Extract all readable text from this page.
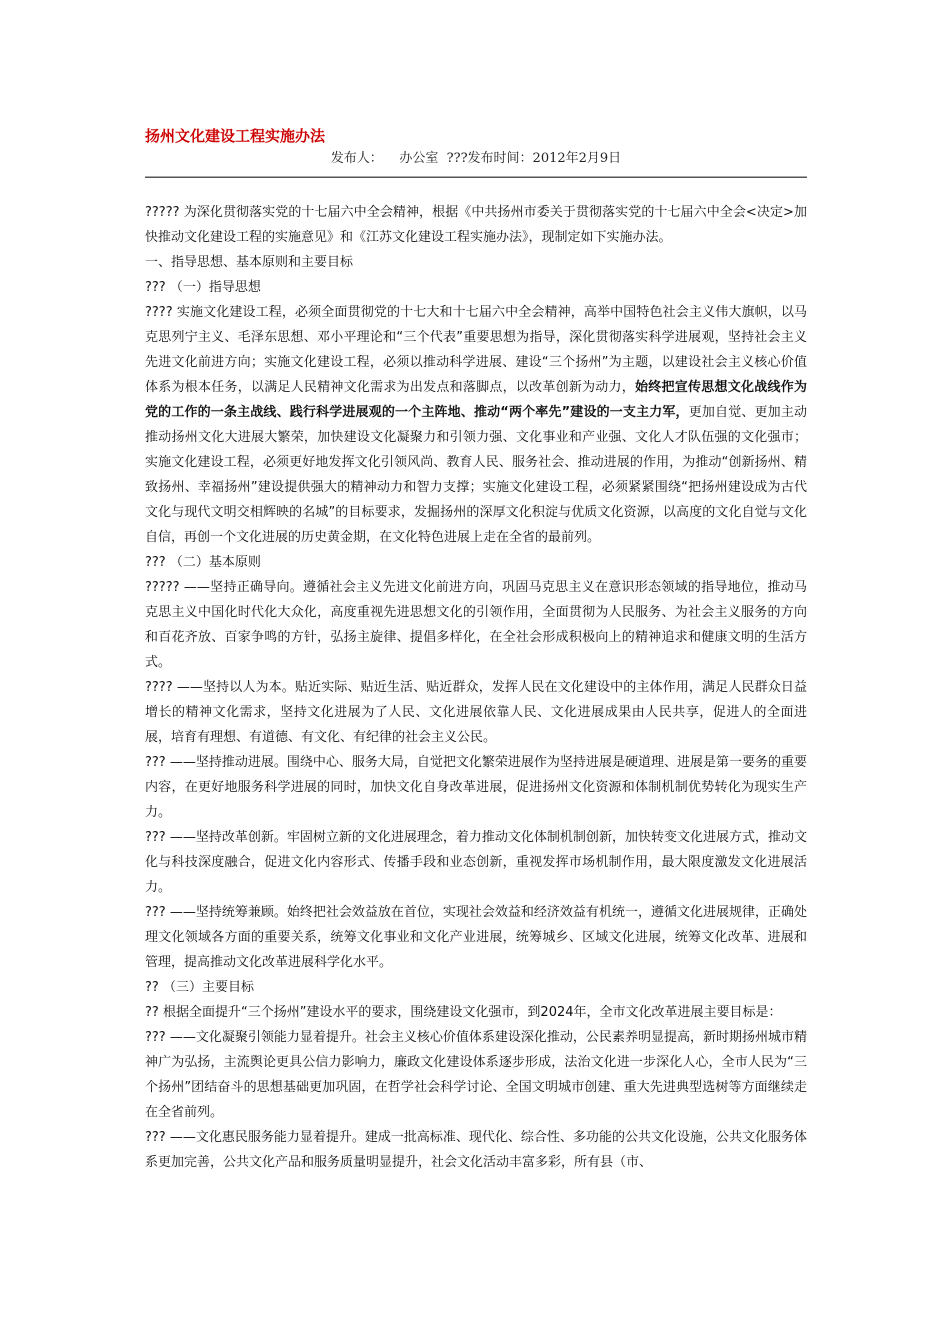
扬州文化建设工程实施办法
发布人： 办公室 ???发布时间：2012年2月9日

????? 为深化贯彻落实党的十七届六中全会精神，根据《中共扬州市委关于贯彻落实党的十七届六中全会<决定>加快推动文化建设工程的实施意见》和《江苏文化建设工程实施办法》，现制定如下实施办法。

一、指导思想、基本原则和主要目标

??? （一）指导思想

???? 实施文化建设工程，必须全面贯彻党的十七大和十七届六中全会精神，高举中国特色社会主义伟大旗帜，以马克思列宁主义、毛泽东思想、邓小平理论和“三个代表”重要思想为指导，深化贯彻落实科学进展观，坚持社会主义先进文化前进方向；实施文化建设工程，必须以推动科学进展、建设“三个扬州”为主题，以建设社会主义核心价值体系为根本任务，以满足人民精神文化需求为出发点和落脚点，以改革创新为动力，始终把宣传思想文化战线作为党的工作的一条主战线、践行科学进展观的一个主阵地、推动“两个率先”建设的一支主力军，更加自觉、更加主动推动扬州文化大进展大繁荣，加快建设文化凝聚力和引领力强、文化事业和产业强、文化人才队伍强的文化强市；实施文化建设工程，必须更好地发挥文化引领风尚、教育人民、服务社会、推动进展的作用，为推动“创新扬州、精致扬州、幸福扬州”建设提供强大的精神动力和智力支撑；实施文化建设工程，必须紧紧围绕“把扬州建设成为古代文化与现代文明交相辉映的名城”的目标要求，发掘扬州的深厚文化积淀与优质文化资源，以高度的文化自觉与文化自信，再创一个文化进展的历史黄金期，在文化特色进展上走在全省的最前列。

??? （二）基本原则

????? ——坚持正确导向。遵循社会主义先进文化前进方向，巩固马克思主义在意识形态领域的指导地位，推动马克思主义中国化时代化大众化，高度重视先进思想文化的引领作用，全面贯彻为人民服务、为社会主义服务的方向和百花齐放、百家争鸣的方针，弘扬主旋律、提倡多样化，在全社会形成积极向上的精神追求和健康文明的生活方式。

???? ——坚持以人为本。贴近实际、贴近生活、贴近群众，发挥人民在文化建设中的主体作用，满足人民群众日益增长的精神文化需求，坚持文化进展为了人民、文化进展依靠人民、文化进展成果由人民共享，促进人的全面进展，培育有理想、有道德、有文化、有纪律的社会主义公民。

??? ——坚持推动进展。围绕中心、服务大局，自觉把文化繁荣进展作为坚持进展是硬道理、进展是第一要务的重要内容，在更好地服务科学进展的同时，加快文化自身改革进展，促进扬州文化资源和体制机制优势转化为现实生产力。

??? ——坚持改革创新。牢固树立新的文化进展理念，着力推动文化体制机制创新，加快转变文化进展方式，推动文化与科技深度融合，促进文化内容形式、传播手段和业态创新，重视发挥市场机制作用，最大限度激发文化进展活力。

??? ——坚持统筹兼顾。始终把社会效益放在首位，实现社会效益和经济效益有机统一，遵循文化进展规律，正确处理文化领域各方面的重要关系，统筹文化事业和文化产业进展，统筹城乡、区域文化进展，统筹文化改革、进展和管理，提高推动文化改革进展科学化水平。

?? （三）主要目标

?? 根据全面提升“三个扬州”建设水平的要求，围绕建设文化强市，到2024年，全市文化改革进展主要目标是：

??? ——文化凝聚引领能力显着提升。社会主义核心价值体系建设深化推动，公民素养明显提高，新时期扬州城市精神广为弘扬，主流舆论更具公信力影响力，廉政文化建设体系逐步形成，法治文化进一步深化人心，全市人民为“三个扬州”团结奋斗的思想基础更加巩固，在哲学社会科学讨论、全国文明城市创建、重大先进典型选树等方面继续走在全省前列。

??? ——文化惠民服务能力显着提升。建成一批高标准、现代化、综合性、多功能的公共文化设施，公共文化服务体系更加完善，公共文化产品和服务质量明显提升，社会文化活动丰富多彩，所有县（市、
